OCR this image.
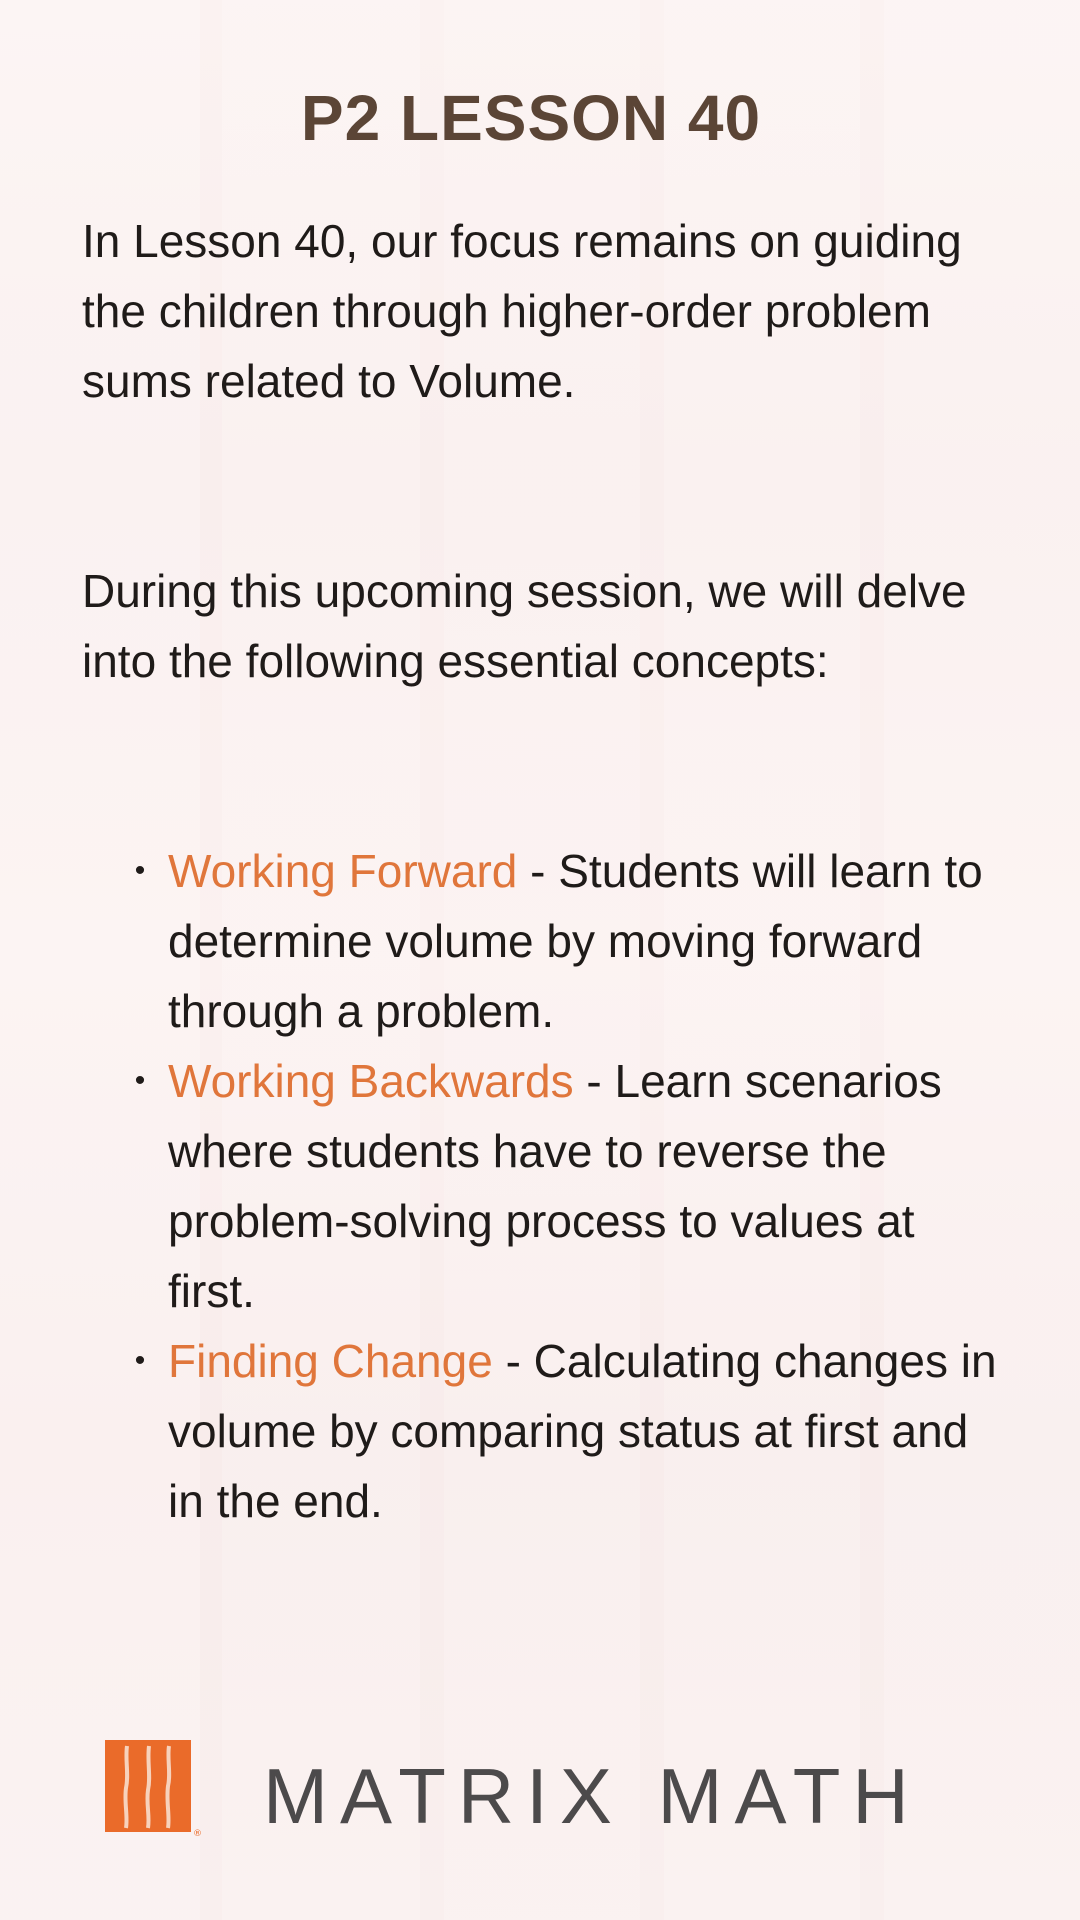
P2 LESSON 40

In Lesson 40, our focus remains on guiding the children through higher-order problem sums related to Volume.

During this upcoming session, we will delve into the following essential concepts:

• Working Forward - Students will learn to determine volume by moving forward through a problem.
• Working Backwards - Learn scenarios where students have to reverse the problem-solving process to values at first.
• Finding Change - Calculating changes in volume by comparing status at first and in the end.
® MATRIX MATH
